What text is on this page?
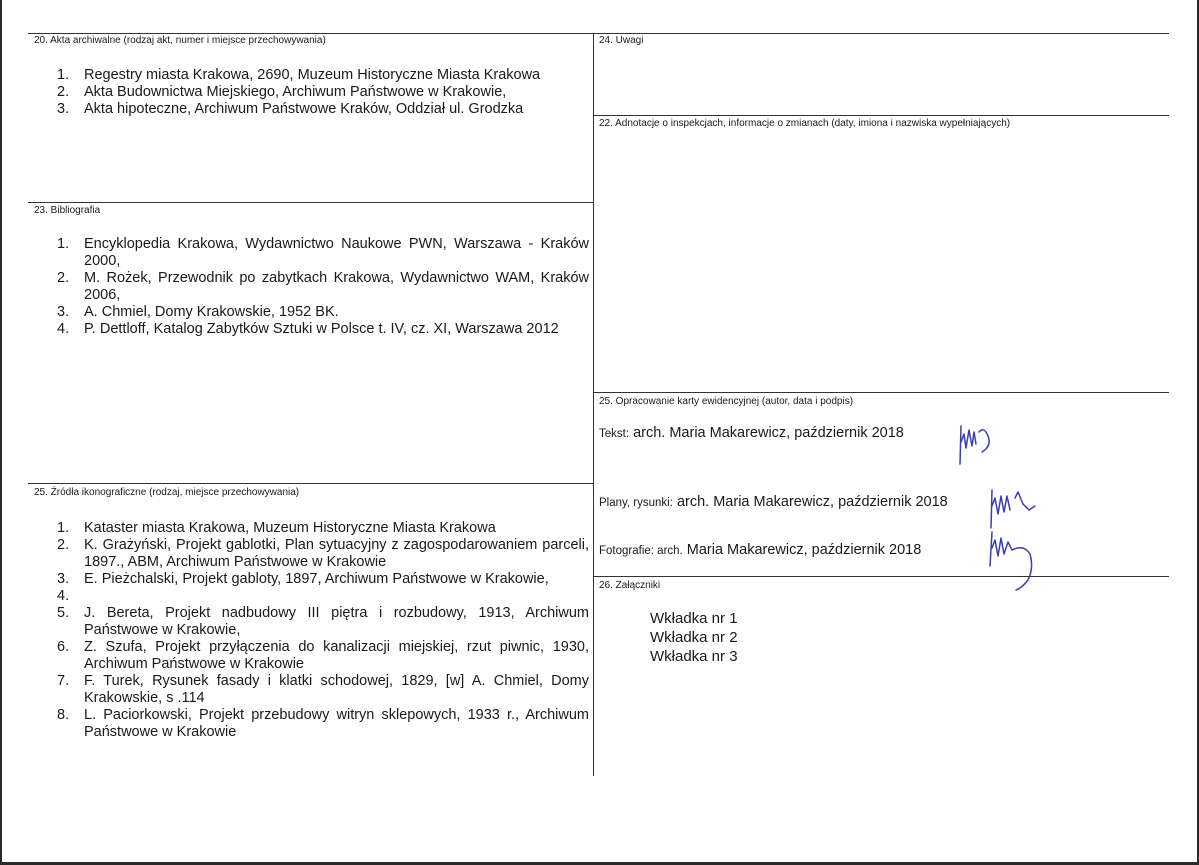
20. Akta archiwalne (rodzaj akt, numer i miejsce przechowywania)
1. Regestry miasta Krakowa, 2690, Muzeum Historyczne Miasta Krakowa
2. Akta Budownictwa Miejskiego, Archiwum Państwowe w Krakowie,
3. Akta hipoteczne, Archiwum Państwowe Kraków, Oddział ul. Grodzka
23. Bibliografia
1. Encyklopedia Krakowa, Wydawnictwo Naukowe PWN, Warszawa - Kraków 2000,
2. M. Rożek, Przewodnik po zabytkach Krakowa, Wydawnictwo WAM, Kraków 2006,
3. A. Chmiel, Domy Krakowskie, 1952 BK.
4. P. Dettloff, Katalog Zabytków Sztuki w Polsce t. IV, cz. XI, Warszawa 2012
25. Źródła ikonograficzne (rodzaj, miejsce przechowywania)
1. Kataster miasta Krakowa, Muzeum Historyczne Miasta Krakowa
2. K. Grażyński, Projekt gablotki, Plan sytuacyjny z zagospodarowaniem parceli, 1897., ABM, Archiwum Państwowe w Krakowie
3. E. Pieżchalski, Projekt gabloty, 1897, Archiwum Państwowe w Krakowie,
4.
5. J. Bereta, Projekt nadbudowy III piętra i rozbudowy, 1913, Archiwum Państwowe w Krakowie,
6. Z. Szufa, Projekt przyłączenia do kanalizacji miejskiej, rzut piwnic, 1930, Archiwum Państwowe w Krakowie
7. F. Turek, Rysunek fasady i klatki schodowej, 1829, [w] A. Chmiel, Domy Krakowskie, s .114
8. L. Paciorkowski, Projekt przebudowy witryn sklepowych, 1933 r., Archiwum Państwowe w Krakowie
24. Uwagi
22. Adnotacje o inspekcjach, informacje o zmianach (daty, imiona i nazwiska wypełniających)
25. Opracowanie karty ewidencyjnej (autor, data i podpis)
Tekst: arch. Maria Makarewicz, październik 2018
Plany, rysunki: arch. Maria Makarewicz, październik 2018
Fotografie: arch. Maria Makarewicz, październik 2018
26. Załączniki
Wkładka nr 1
Wkładka nr 2
Wkładka nr 3
